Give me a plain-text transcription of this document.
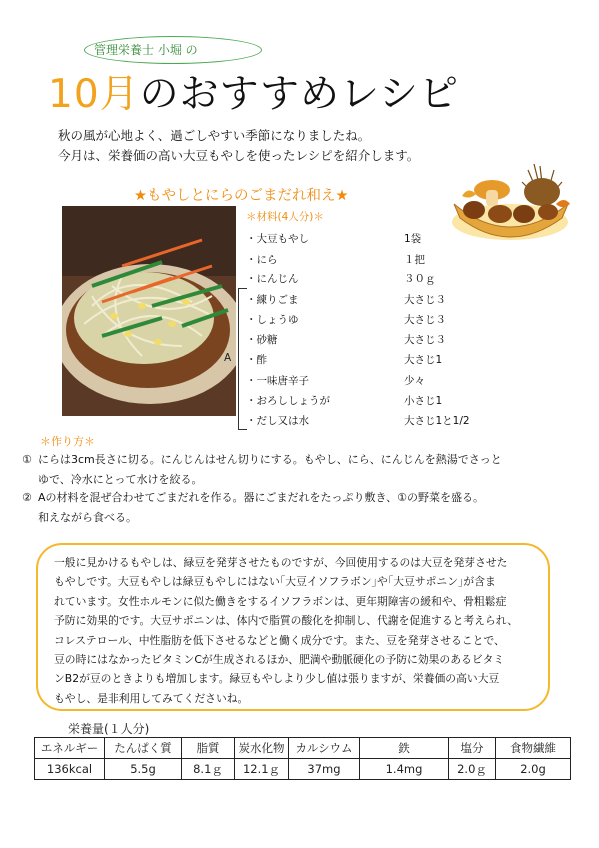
管理栄養士 小堀 の
10月のおすすめレシピ
秋の風が心地よく、過ごしやすい季節になりましたね。
今月は、栄養価の高い大豆もやしを使ったレシピを紹介します。
★もやしとにらのごまだれ和え★
＊材料(4人分)＊
・大豆もやし	1袋
・にら	１把
・にんじん	３０ｇ
・練りごま	大さじ３
・しょうゆ	大さじ３
・砂糖	大さじ３
・酢	大さじ1
・一味唐辛子	少々
・おろししょうが	小さじ1
・だし又は水	大さじ1と1/2
A
＊作り方＊
① にらは3cm長さに切る。にんじんはせん切りにする。もやし、にら、にんじんを熱湯でさっと
ゆで、冷水にとって水けを絞る。
② Aの材料を混ぜ合わせてごまだれを作る。器にごまだれをたっぷり敷き、①の野菜を盛る。
和えながら食べる。
一般に見かけるもやしは、緑豆を発芽させたものですが、今回使用するのは大豆を発芽させた
もやしです。大豆もやしは緑豆もやしにはない｢大豆イソフラボン｣や｢大豆サポニン｣が含ま
れています。女性ホルモンに似た働きをするイソフラボンは、更年期障害の緩和や、骨粗鬆症
予防に効果的です。大豆サポニンは、体内で脂質の酸化を抑制し、代謝を促進すると考えられ、
コレステロール、中性脂肪を低下させるなどと働く成分です。また、豆を発芽させることで、
豆の時にはなかったビタミンCが生成されるほか、肥満や動脈硬化の予防に効果のあるビタミ
ンB2が豆のときよりも増加します。緑豆もやしより少し値は張りますが、栄養価の高い大豆
もやし、是非利用してみてくださいね。
栄養量(１人分)
エネルギー	たんぱく質	脂質	炭水化物	カルシウム	鉄	塩分	食物繊維
136kcal	5.5g	8.1ｇ	12.1ｇ	37mg	1.4mg	2.0ｇ	2.0g
